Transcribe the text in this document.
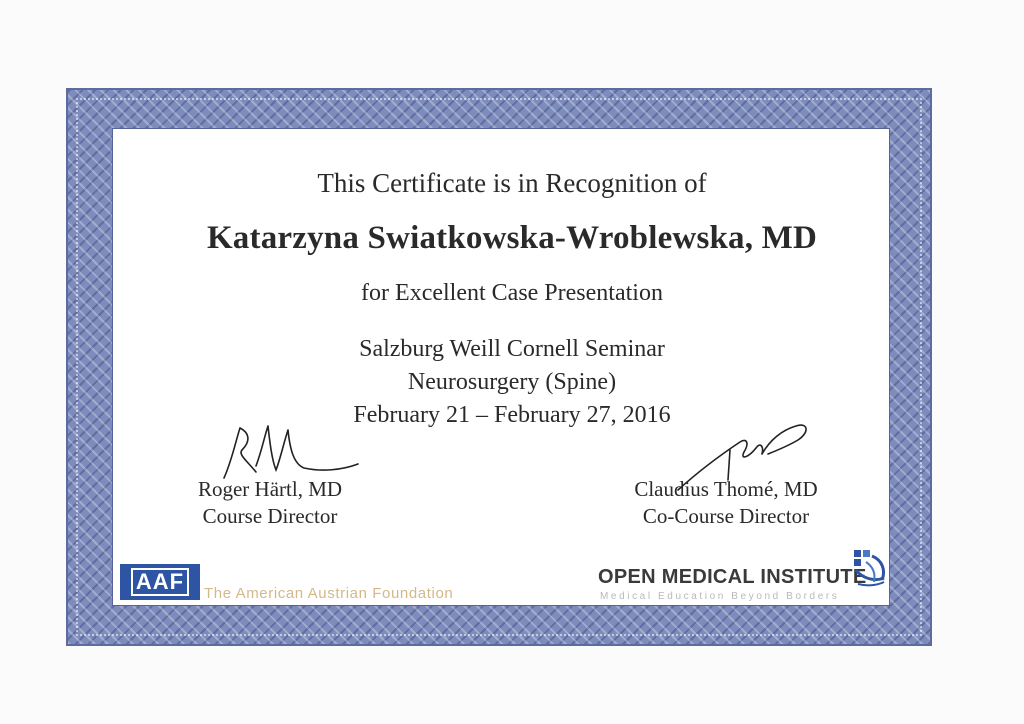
This Certificate is in Recognition of
Katarzyna Swiatkowska-Wroblewska, MD
for Excellent Case Presentation
Salzburg Weill Cornell Seminar
Neurosurgery (Spine)
February 21 – February 27, 2016
Roger Härtl, MD
Course Director
Claudius Thomé, MD
Co-Course Director
AAF	The American Austrian Foundation
OPEN MEDICAL INSTITUTE
Medical Education Beyond Borders
